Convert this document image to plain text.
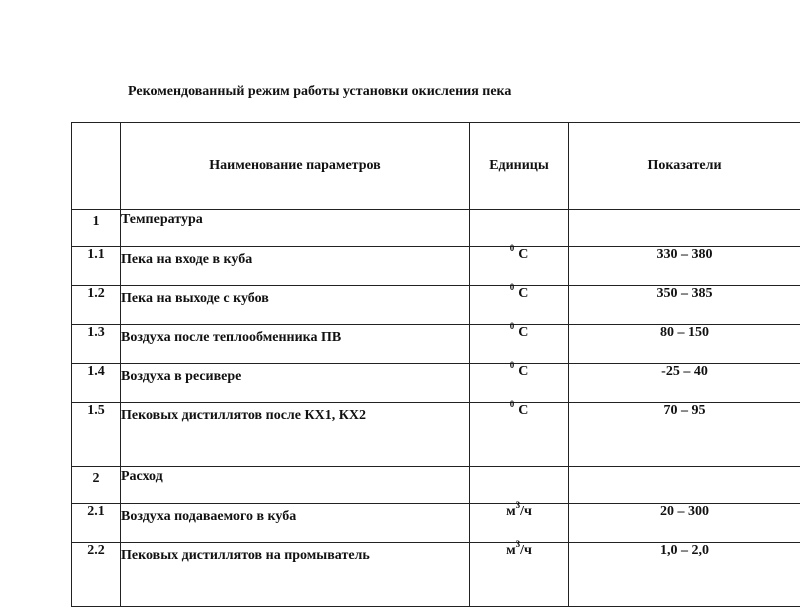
Рекомендованный режим работы установки окисления пека
	Наименование параметров	Единицы	Показатели
1	Температура		
1.1	Пека на входе в куба	$^0$ С	330 – 380
1.2	Пека на выходе с кубов	$^0$ С	350 – 385
1.3	Воздуха после теплообменника ПВ	$^0$ С	80 – 150
1.4	Воздуха в ресивере	$^0$ С	-25 – 40
1.5	Пековых дистиллятов после КХ1, КХ2	$^0$ С	70 – 95
2	Расход		
2.1	Воздуха подаваемого в куба	$м^3/ч$	20 – 300
2.2	Пековых дистиллятов на промыватель	$м^3/ч$	1,0 – 2,0
